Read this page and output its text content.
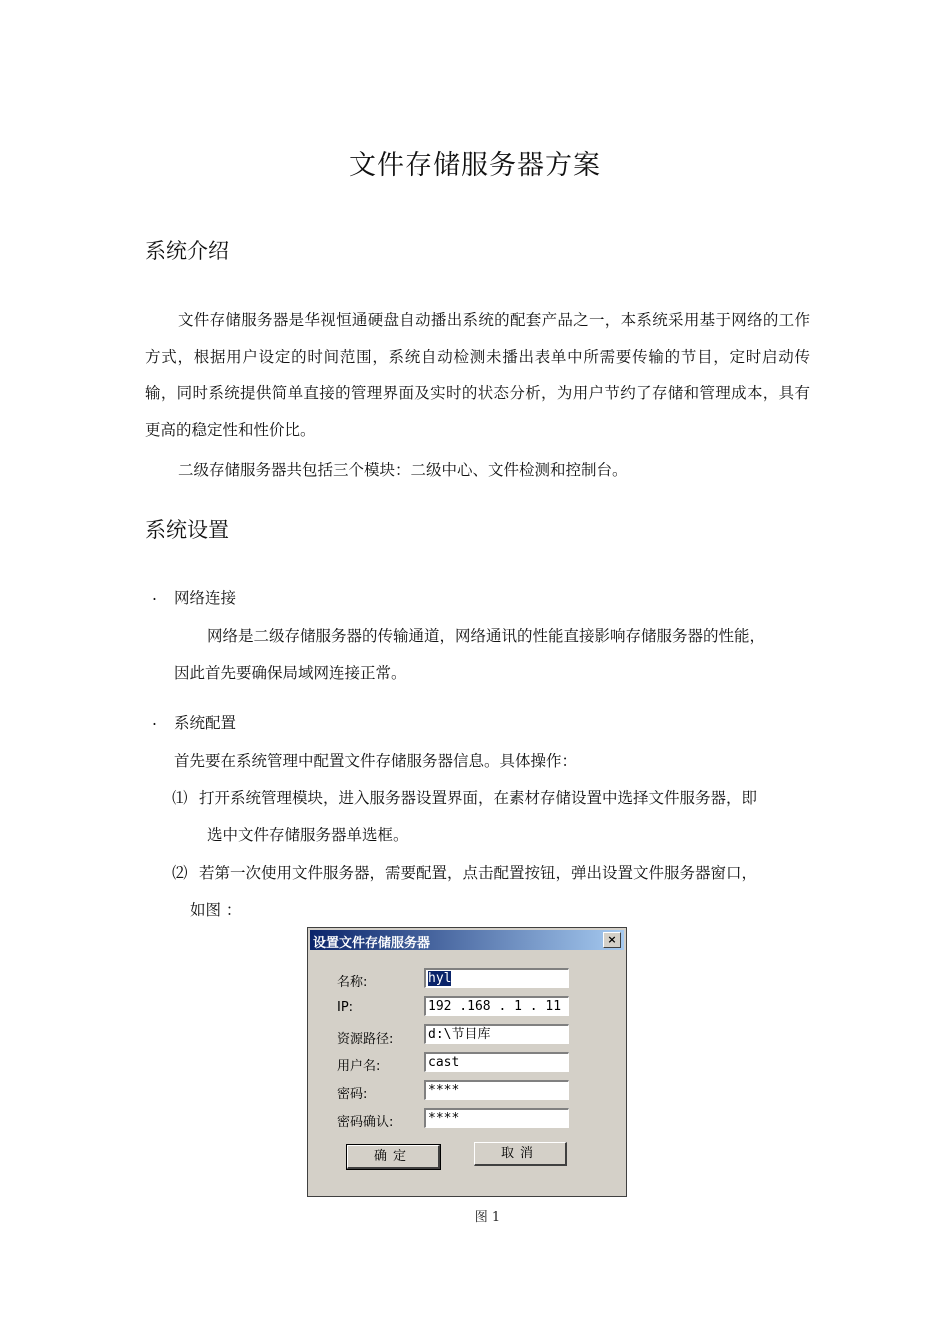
文件存储服务器方案
系统介绍
文件存储服务器是华视恒通硬盘自动播出系统的配套产品之一，本系统采用基于网络的工作方式，根据用户设定的时间范围，系统自动检测未播出表单中所需要传输的节目，定时启动传输，同时系统提供简单直接的管理界面及实时的状态分析，为用户节约了存储和管理成本，具有更高的稳定性和性价比。
二级存储服务器共包括三个模块：二级中心、文件检测和控制台。
系统设置
. 网络连接
网络是二级存储服务器的传输通道，网络通讯的性能直接影响存储服务器的性能，
因此首先要确保局域网连接正常。
. 系统配置
首先要在系统管理中配置文件存储服务器信息。具体操作：
⑴ 打开系统管理模块，进入服务器设置界面，在素材存储设置中选择文件服务器，即
选中文件存储服务器单选框。
⑵ 若第一次使用文件服务器，需要配置，点击配置按钮，弹出设置文件服务器窗口，
如图 ：
设置文件存储服务器	×
名称:	hyl
IP:	192 .168 . 1 . 11
资源路径:	d:\节目库
用户名:	cast
密码:	****
密码确认:	****
确定	取消
图 1
